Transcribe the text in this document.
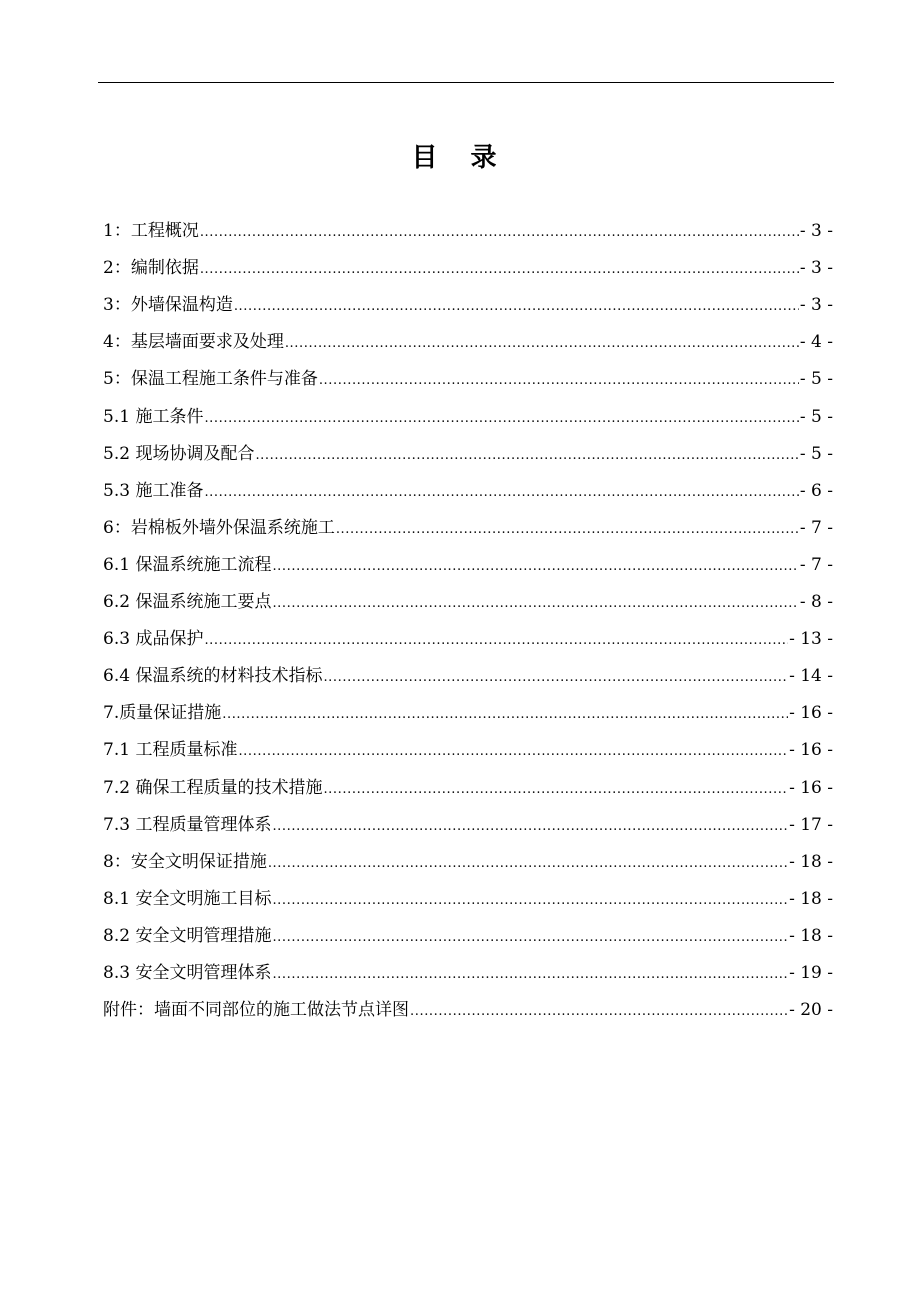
目 录
1：工程概况 .....	- 3 -
2：编制依据 .....	- 3 -
3：外墙保温构造 .....	- 3 -
4：基层墙面要求及处理 .....	- 4 -
5：保温工程施工条件与准备 .....	- 5 -
5.1 施工条件 .....	- 5 -
5.2 现场协调及配合 .....	- 5 -
5.3 施工准备 .....	- 6 -
6：岩棉板外墙外保温系统施工 .....	- 7 -
6.1 保温系统施工流程 .....	- 7 -
6.2 保温系统施工要点 .....	- 8 -
6.3 成品保护 .....	- 13 -
6.4 保温系统的材料技术指标 .....	- 14 -
7.质量保证措施 .....	- 16 -
7.1 工程质量标准 .....	- 16 -
7.2 确保工程质量的技术措施 .....	- 16 -
7.3 工程质量管理体系 .....	- 17 -
8：安全文明保证措施 .....	- 18 -
8.1 安全文明施工目标 .....	- 18 -
8.2 安全文明管理措施 .....	- 18 -
8.3 安全文明管理体系 .....	- 19 -
附件：墙面不同部位的施工做法节点详图 .....	- 20 -
